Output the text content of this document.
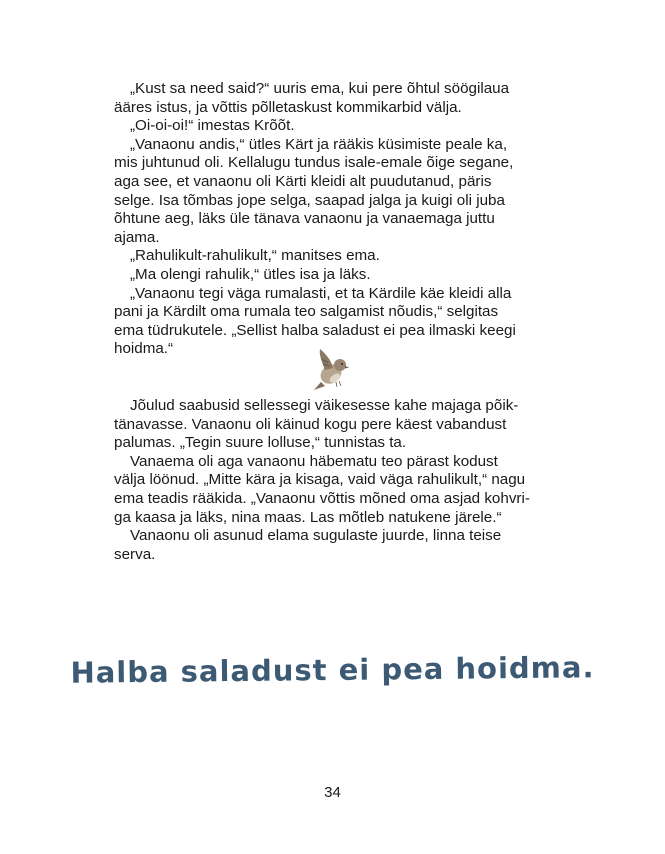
„Kust sa need said?“ uuris ema, kui pere õhtul söögilaua
ääres istus, ja võttis põlletaskust kommikarbid välja.
„Oi-oi-oi!“ imestas Krõõt.
„Vanaonu andis,“ ütles Kärt ja rääkis küsimiste peale ka,
mis juhtunud oli. Kellalugu tundus isale-emale õige segane,
aga see, et vanaonu oli Kärti kleidi alt puudutanud, päris
selge. Isa tõmbas jope selga, saapad jalga ja kuigi oli juba
õhtune aeg, läks üle tänava vanaonu ja vanaemaga juttu
ajama.
„Rahulikult-rahulikult,“ manitses ema.
„Ma olengi rahulik,“ ütles isa ja läks.
„Vanaonu tegi väga rumalasti, et ta Kärdile käe kleidi alla
pani ja Kärdilt oma rumala teo salgamist nõudis,“ selgitas
ema tüdrukutele. „Sellist halba saladust ei pea ilmaski keegi
hoidma.“
Jõulud saabusid sellessegi väikesesse kahe majaga põik-
tänavasse. Vanaonu oli käinud kogu pere käest vabandust
palumas. „Tegin suure lolluse,“ tunnistas ta.
Vanaema oli aga vanaonu häbematu teo pärast kodust
välja löönud. „Mitte kära ja kisaga, vaid väga rahulikult,“ nagu
ema teadis rääkida. „Vanaonu võttis mõned oma asjad kohvri-
ga kaasa ja läks, nina maas. Las mõtleb natukene järele.“
Vanaonu oli asunud elama sugulaste juurde, linna teise
serva.
Halba saladust ei pea hoidma.
34
